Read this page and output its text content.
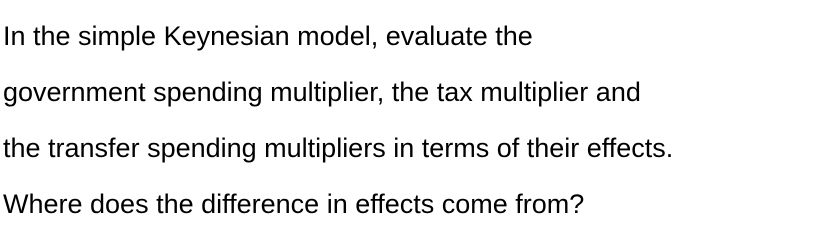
In the simple Keynesian model, evaluate the
government spending multiplier, the tax multiplier and
the transfer spending multipliers in terms of their effects.
Where does the difference in effects come from?
